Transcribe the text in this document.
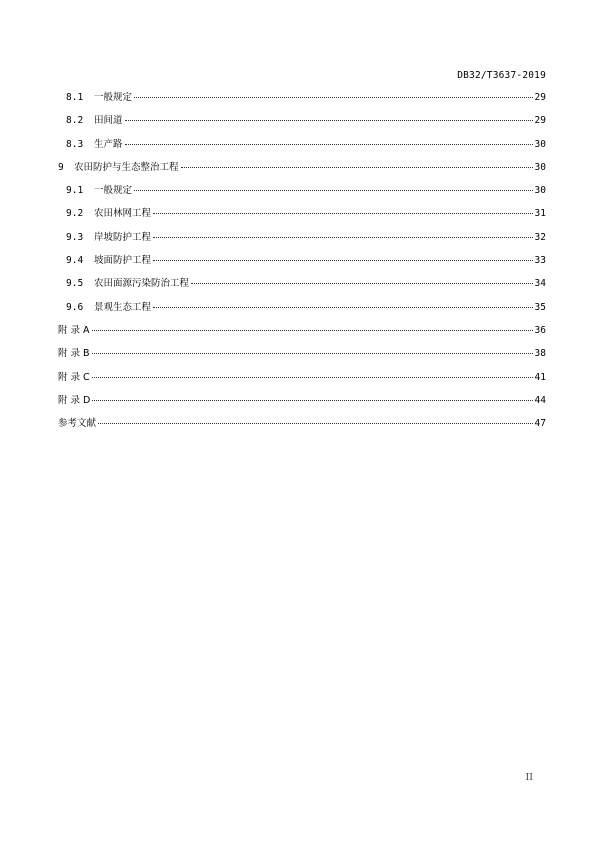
DB32/T3637-2019
8.1	一般规定	29
8.2	田间道	29
8.3	生产路	30
9	农田防护与生态整治工程	30
9.1	一般规定	30
9.2	农田林网工程	31
9.3	岸坡防护工程	32
9.4	坡面防护工程	33
9.5	农田面源污染防治工程	34
9.6	景观生态工程	35
附 录 A	36
附 录 B	38
附 录 C	41
附 录 D	44
参考文献	47
II
